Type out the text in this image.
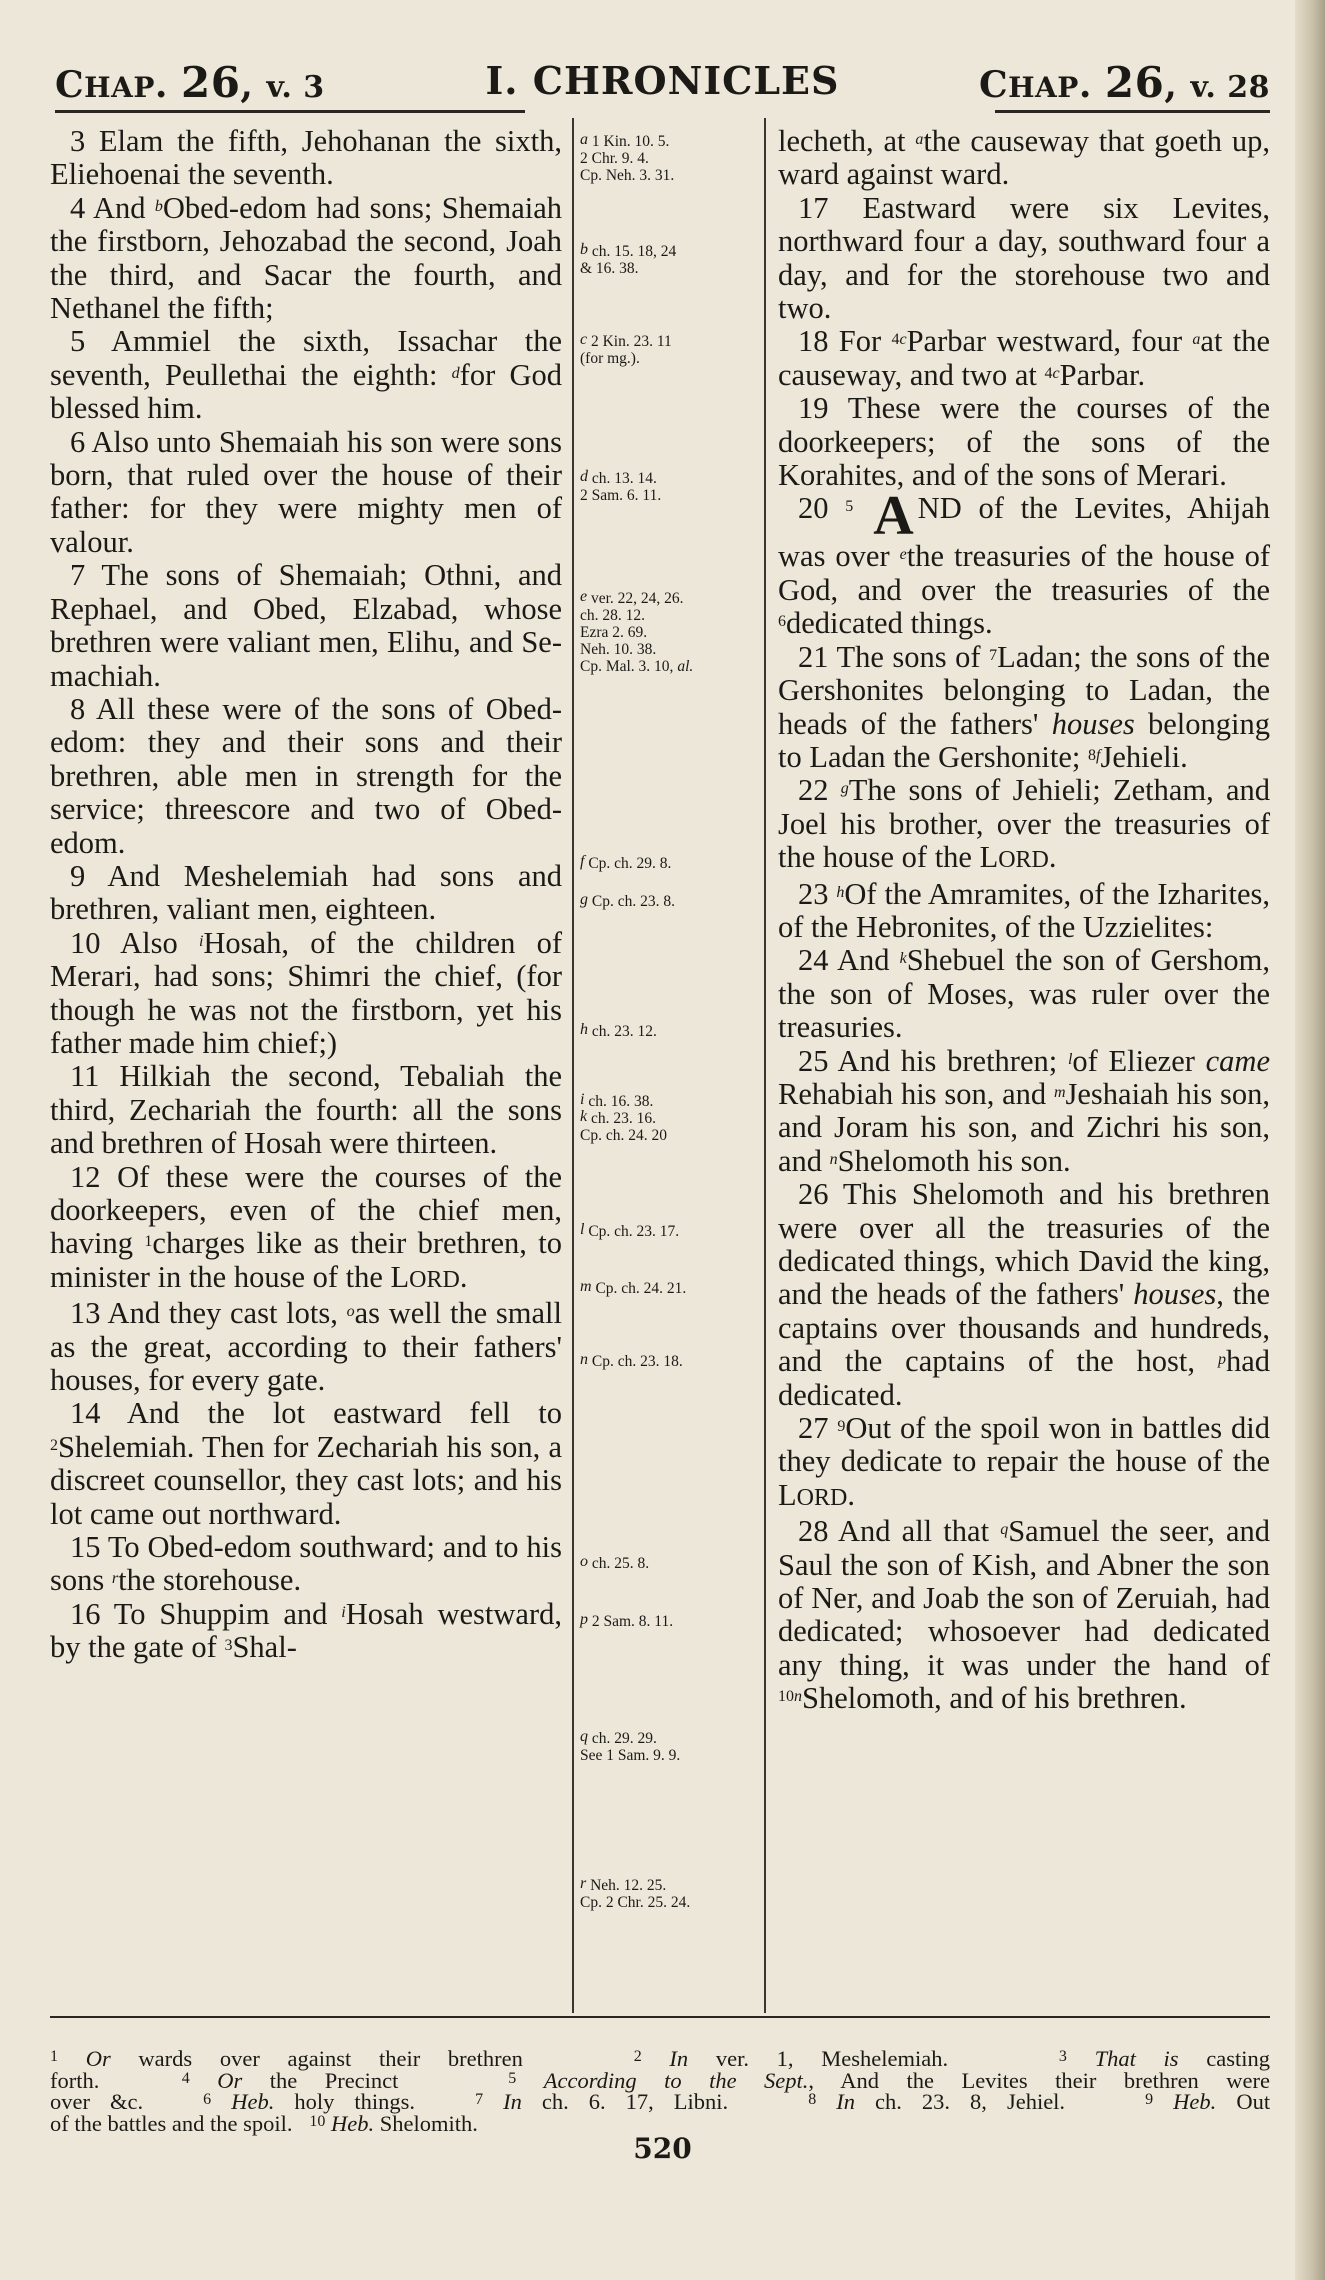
CHAP. 26, v. 3	I. CHRONICLES	CHAP. 26, v. 28

3 Elam the fifth, Jehohanan the sixth, Eliehoenai the seventh.

4 And $^b$Obed-edom had sons; Shemaiah the firstborn, Jehozabad the second, Joah the third, and Sacar the fourth, and Nethanel the fifth;

5 Ammiel the sixth, Issachar the seventh, Peullethai the eighth: $^d$for God blessed him.

6 Also unto Shemaiah his son were sons born, that ruled over the house of their father: for they were mighty men of valour.

7 The sons of Shemaiah; Othni, and Rephael, and Obed, Elzabad, whose brethren were valiant men, Elihu, and Semachiah.

8 All these were of the sons of Obed-edom: they and their sons and their brethren, able men in strength for the service; threescore and two of Obed-edom.

9 And Meshelemiah had sons and brethren, valiant men, eighteen.

10 Also $^i$Hosah, of the children of Merari, had sons; Shimri the chief, (for though he was not the firstborn, yet his father made him chief;)

11 Hilkiah the second, Tebaliah the third, Zechariah the fourth: all the sons and brethren of Hosah were thirteen.

12 Of these were the courses of the doorkeepers, even of the chief men, having $^1$charges like as their brethren, to minister in the house of the LORD.

13 And they cast lots, $^o$as well the small as the great, according to their fathers' houses, for every gate.

14 And the lot eastward fell to $^2$Shelemiah. Then for Zechariah his son, a discreet counsellor, they cast lots; and his lot came out northward.

15 To Obed-edom southward; and to his sons $^r$the storehouse.

16 To Shuppim and $^i$Hosah westward, by the gate of $^3$Shal-

$^a$ 1 Kin. 10. 5.
2 Chr. 9. 4.
Cp. Neh. 3. 31.
$^b$ ch. 15. 18, 24
& 16. 38.
$^c$ 2 Kin. 23. 11
(for mg.).
$^d$ ch. 13. 14.
2 Sam. 6. 11.
$^e$ ver. 22, 24, 26.
ch. 28. 12.
Ezra 2. 69.
Neh. 10. 38.
Cp. Mal. 3. 10, al.
$^f$ Cp. ch. 29. 8.
$^g$ Cp. ch. 23. 8.
$^h$ ch. 23. 12.
$^i$ ch. 16. 38.
$^k$ ch. 23. 16.
Cp. ch. 24. 20
$^l$ Cp. ch. 23. 17.
$^m$ Cp. ch. 24. 21.
$^n$ Cp. ch. 23. 18.
$^o$ ch. 25. 8.
$^p$ 2 Sam. 8. 11.
$^q$ ch. 29. 29.
See 1 Sam. 9. 9.
$^r$ Neh. 12. 25.
Cp. 2 Chr. 25. 24.

lecheth, at $^a$the causeway that goeth up, ward against ward.

17 Eastward were six Levites, northward four a day, southward four a day, and for the storehouse two and two.

18 For $^{4c}$Parbar westward, four $^a$at the causeway, and two at $^{4c}$Parbar.

19 These were the courses of the doorkeepers; of the sons of the Korahites, and of the sons of Merari.

20 $^5$ A ND of the Levites, Ahijah was over $^e$the treasuries of the house of God, and over the treasuries of the $^6$dedicated things.

21 The sons of $^7$Ladan; the sons of the Gershonites belonging to Ladan, the heads of the fathers' houses belonging to Ladan the Gershonite; $^{8f}$Jehieli.

22 $^g$The sons of Jehieli; Zetham, and Joel his brother, over the treasuries of the house of the LORD.

23 $^h$Of the Amramites, of the Izharites, of the Hebronites, of the Uzzielites:

24 And $^k$Shebuel the son of Gershom, the son of Moses, was ruler over the treasuries.

25 And his brethren; $^l$of Eliezer came Rehabiah his son, and $^m$Jeshaiah his son, and Joram his son, and Zichri his son, and $^n$Shelomoth his son.

26 This Shelomoth and his brethren were over all the treasuries of the dedicated things, which David the king, and the heads of the fathers' houses, the captains over thousands and hundreds, and the captains of the host, $^p$had dedicated.

27 $^9$Out of the spoil won in battles did they dedicate to repair the house of the LORD.

28 And all that $^q$Samuel the seer, and Saul the son of Kish, and Abner the son of Ner, and Joab the son of Zeruiah, had dedicated; whosoever had dedicated any thing, it was under the hand of $^{10n}$Shelomoth, and of his brethren.

$^1$ Or wards over against their brethren    $^2$ In ver. 1, Meshelemiah.    $^3$ That is casting
forth.   $^4$ Or the Precinct    $^5$ According to the Sept., And the Levites their brethren were
over &c.   $^6$ Heb. holy things.   $^7$ In ch. 6. 17, Libni.    $^8$ In ch. 23. 8, Jehiel.    $^9$ Heb. Out
of the battles and the spoil.   $^{10}$ Heb. Shelomith.
520
